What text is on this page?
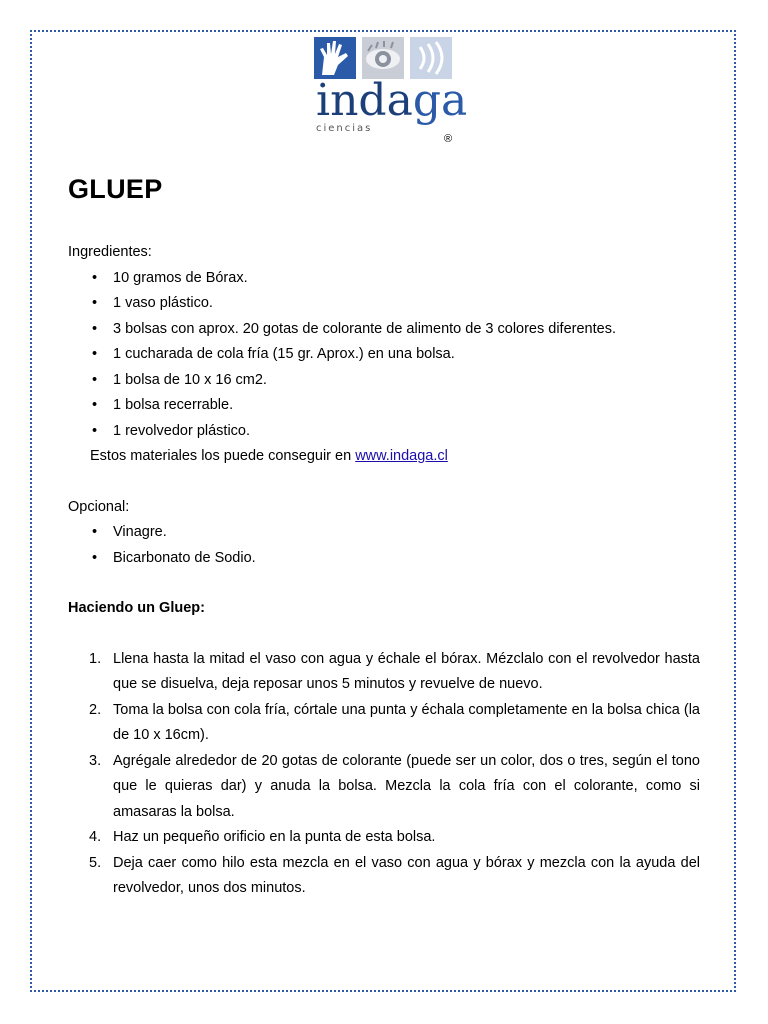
indaga
ciencias
®
GLUEP

Ingredientes:

• 10 gramos de Bórax.
• 1 vaso plástico.
• 3 bolsas con aprox. 20 gotas de colorante de alimento de 3 colores diferentes.
• 1 cucharada de cola fría (15 gr. Aprox.) en una bolsa.
• 1 bolsa de 10 x 16 cm2.
• 1 bolsa recerrable.
• 1 revolvedor plástico.

Estos materiales los puede conseguir en www.indaga.cl

Opcional:

• Vinagre.
• Bicarbonato de Sodio.

Haciendo un Gluep:

Llena hasta la mitad el vaso con agua y échale el bórax. Mézclalo con el revolvedor hasta que se disuelva, deja reposar unos 5 minutos y revuelve de nuevo.
Toma la bolsa con cola fría, córtale una punta y échala completamente en la bolsa chica (la de 10 x 16cm).
Agrégale alrededor de 20 gotas de colorante (puede ser un color, dos o tres, según el tono que le quieras dar) y anuda la bolsa. Mezcla la cola fría con el colorante, como si amasaras la bolsa.
Haz un pequeño orificio en la punta de esta bolsa.
Deja caer como hilo esta mezcla en el vaso con agua y bórax y mezcla con la ayuda del revolvedor, unos dos minutos.
